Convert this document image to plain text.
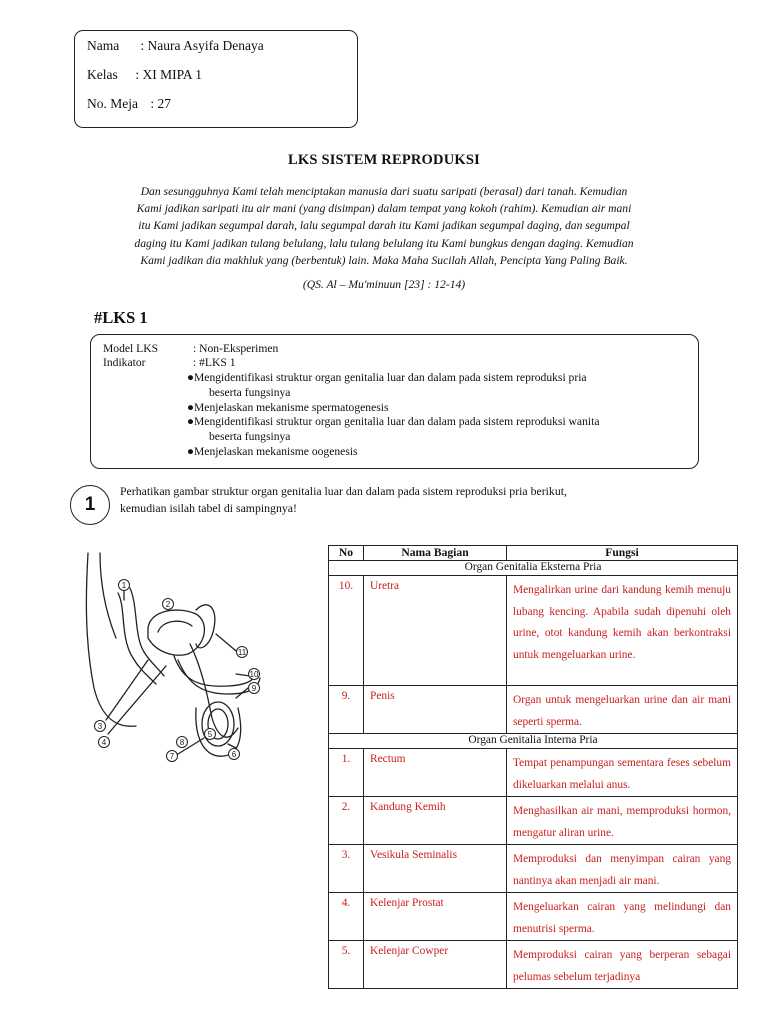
Nama : Naura Asyifa Denaya
Kelas : XI MIPA 1
No. Meja : 27
LKS SISTEM REPRODUKSI
Dan sesungguhnya Kami telah menciptakan manusia dari suatu saripati (berasal) dari tanah. Kemudian
Kami jadikan saripati itu air mani (yang disimpan) dalam tempat yang kokoh (rahim). Kemudian air mani
itu Kami jadikan segumpal darah, lalu segumpal darah itu Kami jadikan segumpal daging, dan segumpal
daging itu Kami jadikan tulang belulang, lalu tulang belulang itu Kami bungkus dengan daging. Kemudian
Kami jadikan dia makhluk yang (berbentuk) lain. Maka Maha Sucilah Allah, Pencipta Yang Paling Baik.
(QS. Al – Mu'minuun [23] : 12-14)
#LKS 1
Model LKS	: Non-Eksperimen
Indikator	: #LKS 1
●Mengidentifikasi struktur organ genitalia luar dan dalam pada sistem reproduksi pria
beserta fungsinya
●Menjelaskan mekanisme spermatogenesis
●Mengidentifikasi struktur organ genitalia luar dan dalam pada sistem reproduksi wanita
beserta fungsinya
●Menjelaskan mekanisme oogenesis
1
Perhatikan gambar struktur organ genitalia luar dan dalam pada sistem reproduksi pria berikut,
kemudian isilah tabel di sampingnya!
1
2
3
4
5
6
7
8
9
10
11
No	Nama Bagian	Fungsi
Organ Genitalia Eksterna Pria		
10.	Uretra	Mengalirkan urine dari kandung kemih menuju lubang kencing. Apabila sudah dipenuhi oleh urine, otot kandung kemih akan berkontraksi untuk mengeluarkan urine.
9.	Penis	Organ untuk mengeluarkan urine dan air mani seperti sperma.
Organ Genitalia Interna Pria		
1.	Rectum	Tempat penampungan sementara feses sebelum dikeluarkan melalui anus.
2.	Kandung Kemih	Menghasilkan air mani, memproduksi hormon, mengatur aliran urine.
3.	Vesikula Seminalis	Memproduksi dan menyimpan cairan yang nantinya akan menjadi air mani.
4.	Kelenjar Prostat	Mengeluarkan cairan yang melindungi dan menutrisi sperma.
5.	Kelenjar Cowper	Memproduksi cairan yang berperan sebagai pelumas sebelum terjadinya
